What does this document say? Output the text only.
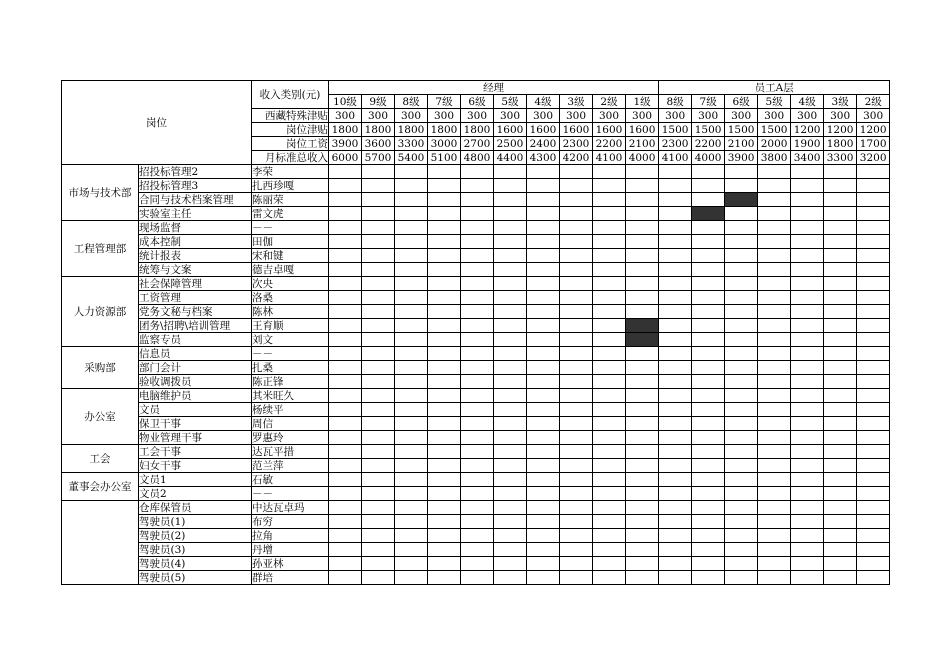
岗位		收入类别(元)	经理										员工A层						
			10级	9级	8级	7级	6级	5级	4级	3级	2级	1级	8级	7级	6级	5级	4级	3级	2级
		西藏特殊津贴	300	300	300	300	300	300	300	300	300	300	300	300	300	300	300	300	300
		岗位津贴	1800	1800	1800	1800	1800	1600	1600	1600	1600	1600	1500	1500	1500	1500	1200	1200	1200
		岗位工资	3900	3600	3300	3000	2700	2500	2400	2300	2200	2100	2300	2200	2100	2000	1900	1800	1700
		月标准总收入	6000	5700	5400	5100	4800	4400	4300	4200	4100	4000	4100	4000	3900	3800	3400	3300	3200
市场与技术部	招投标管理2	李荣																	
	招投标管理3	扎西珍嘎																	
	合同与技术档案管理	陈丽荣																	
	实验室主任	雷文虎																	
工程管理部	现场监督	－－																	
	成本控制	田伽																	
	统计报表	宋和键																	
	统筹与文案	德吉卓嘎																	
人力资源部	社会保障管理	次央																	
	工资管理	洛桑																	
	党务文秘与档案	陈林																	
	团务\招聘\培训管理	王育顺																	
	监察专员	刘文																	
采购部	信息员	－－																	
	部门会计	扎桑																	
	验收调拨员	陈正锋																	
办公室	电脑维护员	其米旺久																	
	文员	杨续平																	
	保卫干事	周信																	
	物业管理干事	罗惠玲																	
工会	工会干事	达瓦平措																	
	妇女干事	范兰萍																	
董事会办公室	文员1	石敏																	
	文员2	－－																	
	仓库保管员	中达瓦卓玛																	
	驾驶员(1)	布穷																	
	驾驶员(2)	拉角																	
	驾驶员(3)	丹增																	
	驾驶员(4)	孙亚林																	
	驾驶员(5)	群培																	
